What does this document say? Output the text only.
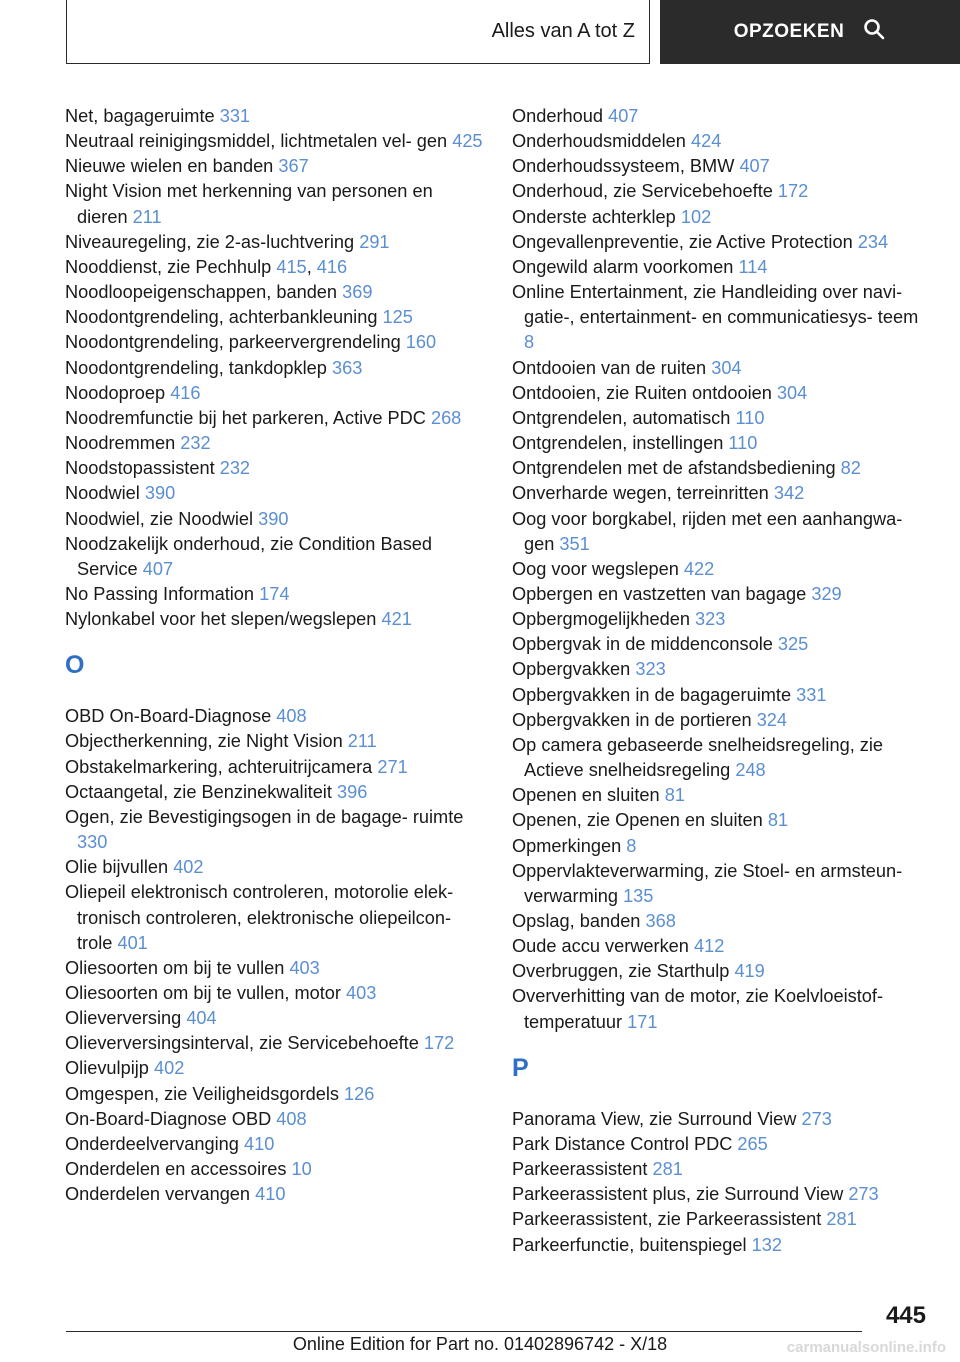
Alles van A tot Z	OPZOEKEN
Net, bagageruimte 331
Neutraal reinigingsmiddel, lichtmetalen vel- gen 425
Nieuwe wielen en banden 367
Night Vision met herkenning van personen en dieren 211
Niveauregeling, zie 2-as-luchtvering 291
Nooddienst, zie Pechhulp 415, 416
Noodloopeigenschappen, banden 369
Noodontgrendeling, achterbankleuning 125
Noodontgrendeling, parkeervergrendeling 160
Noodontgrendeling, tankdopklep 363
Noodoproep 416
Noodremfunctie bij het parkeren, Active PDC 268
Noodremmen 232
Noodstopassistent 232
Noodwiel 390
Noodwiel, zie Noodwiel 390
Noodzakelijk onderhoud, zie Condition Based Service 407
No Passing Information 174
Nylonkabel voor het slepen/wegslepen 421
O
OBD On-Board-Diagnose 408
Objectherkenning, zie Night Vision 211
Obstakelmarkering, achteruitrijcamera 271
Octaangetal, zie Benzinekwaliteit 396
Ogen, zie Bevestigingsogen in de bagage- ruimte 330
Olie bijvullen 402
Oliepeil elektronisch controleren, motorolie elek- tronisch controleren, elektronische oliepeilcon- trole 401
Oliesoorten om bij te vullen 403
Oliesoorten om bij te vullen, motor 403
Olieverversing 404
Olieverversingsinterval, zie Servicebehoefte 172
Olievulpijp 402
Omgespen, zie Veiligheidsgordels 126
On-Board-Diagnose OBD 408
Onderdeelvervanging 410
Onderdelen en accessoires 10
Onderdelen vervangen 410
Onderhoud 407
Onderhoudsmiddelen 424
Onderhoudssysteem, BMW 407
Onderhoud, zie Servicebehoefte 172
Onderste achterklep 102
Ongevallenpreventie, zie Active Protection 234
Ongewild alarm voorkomen 114
Online Entertainment, zie Handleiding over navi- gatie-, entertainment- en communicatiesys- teem 8
Ontdooien van de ruiten 304
Ontdooien, zie Ruiten ontdooien 304
Ontgrendelen, automatisch 110
Ontgrendelen, instellingen 110
Ontgrendelen met de afstandsbediening 82
Onverharde wegen, terreinritten 342
Oog voor borgkabel, rijden met een aanhangwa- gen 351
Oog voor wegslepen 422
Opbergen en vastzetten van bagage 329
Opbergmogelijkheden 323
Opbergvak in de middenconsole 325
Opbergvakken 323
Opbergvakken in de bagageruimte 331
Opbergvakken in de portieren 324
Op camera gebaseerde snelheidsregeling, zie Actieve snelheidsregeling 248
Openen en sluiten 81
Openen, zie Openen en sluiten 81
Opmerkingen 8
Oppervlakteverwarming, zie Stoel- en armsteun- verwarming 135
Opslag, banden 368
Oude accu verwerken 412
Overbruggen, zie Starthulp 419
Oververhitting van de motor, zie Koelvloeistof- temperatuur 171
P
Panorama View, zie Surround View 273
Park Distance Control PDC 265
Parkeerassistent 281
Parkeerassistent plus, zie Surround View 273
Parkeerassistent, zie Parkeerassistent 281
Parkeerfunctie, buitenspiegel 132
445
Online Edition for Part no. 01402896742 - X/18	carmanualsonline.info
